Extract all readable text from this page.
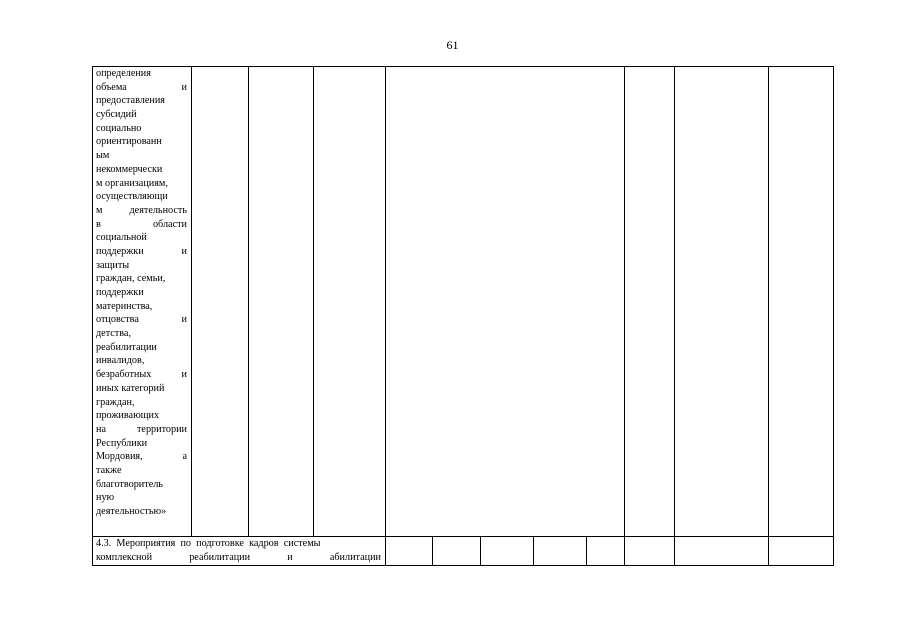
61
определения
объема	и
предоставления
субсидий
социально
ориентированн
ым
некоммерчески
м организациям,
осуществляющи
м	деятельность
в	области
социальной
поддержки	и
защиты
граждан, семьи,
поддержки
материнства,
отцовства	и
детства,
реабилитации
инвалидов,
безработных	и
иных категорий
граждан,
проживающих
на	территории
Республики
Мордовия,	а
также
благотворитель
ную
деятельностью»
4.3. Мероприятия по подготовке кадров системы
комплексной	реабилитации	и	абилитации
